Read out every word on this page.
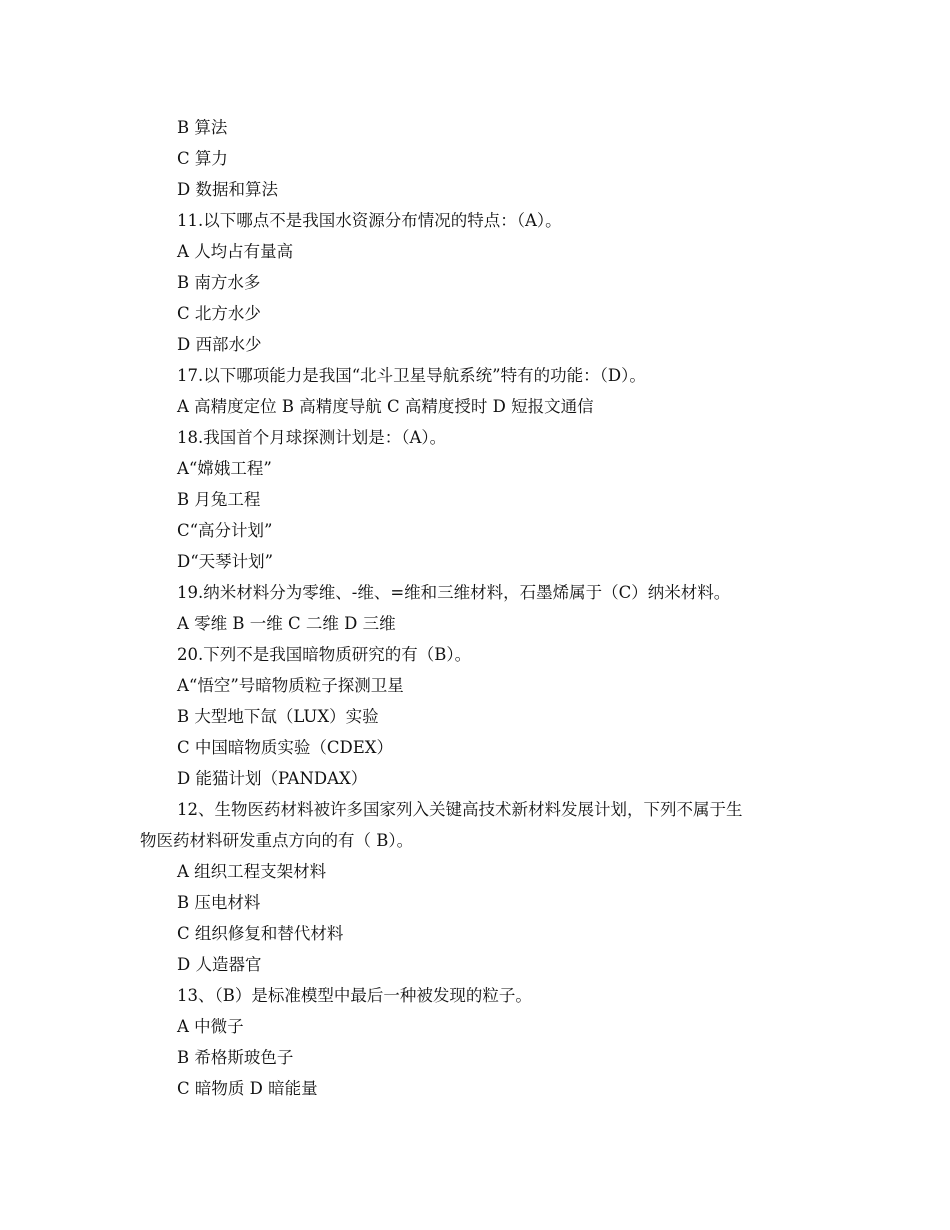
B 算法
C 算力
D 数据和算法
11.以下哪点不是我国水资源分布情况的特点：（A）。
A 人均占有量高
B 南方水多
C 北方水少
D 西部水少
17.以下哪项能力是我国“北斗卫星导航系统”特有的功能：（D）。
A 高精度定位 B 高精度导航 C 高精度授时 D 短报文通信
18.我国首个月球探测计划是：（A）。
A“嫦娥工程”
B 月兔工程
C“高分计划”
D“天琴计划”
19.纳米材料分为零维、-维、=维和三维材料，石墨烯属于（C）纳米材料。
A 零维 B 一维 C 二维 D 三维
20.下列不是我国暗物质研究的有（B）。
A“悟空”号暗物质粒子探测卫星
B 大型地下氙（LUX）实验
C 中国暗物质实验（CDEX）
D 能猫计划（PANDAX）
12、生物医药材料被许多国家列入关键高技术新材料发展计划，下列不属于生
物医药材料研发重点方向的有（ B）。
A 组织工程支架材料
B 压电材料
C 组织修复和替代材料
D 人造器官
13、（B）是标准模型中最后一种被发现的粒子。
A 中微子
B 希格斯玻色子
C 暗物质 D 暗能量
